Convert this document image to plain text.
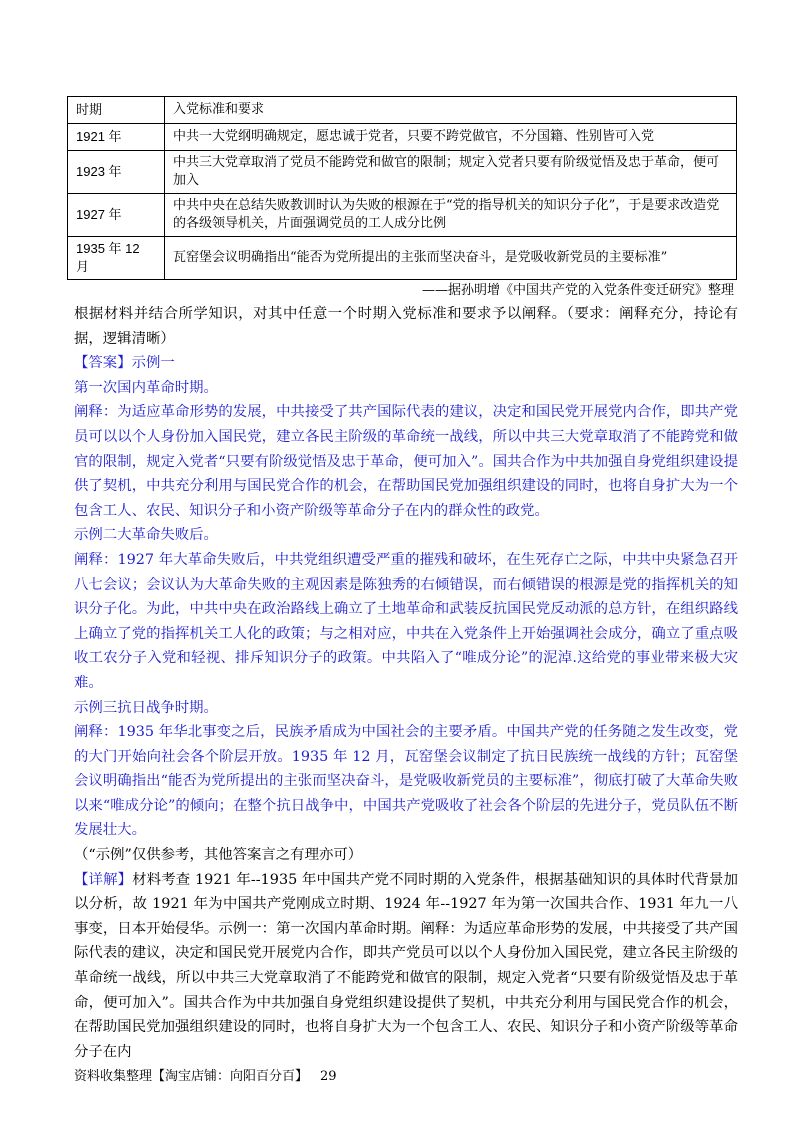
时期	入党标准和要求
1921 年	中共一大党纲明确规定，愿忠诚于党者，只要不跨党做官，不分国籍、性别皆可入党
1923 年	中共三大党章取消了党员不能跨党和做官的限制；规定入党者只要有阶级觉悟及忠于革命，便可加入
1927 年	中共中央在总结失败教训时认为失败的根源在于“党的指导机关的知识分子化”，于是要求改造党的各级领导机关，片面强调党员的工人成分比例
1935 年 12 月	瓦窑堡会议明确指出“能否为党所提出的主张而坚决奋斗，是党吸收新党员的主要标准”
——据孙明增《中国共产党的入党条件变迁研究》整理

根据材料并结合所学知识，对其中任意一个时期入党标准和要求予以阐释。（要求：阐释充分，持论有据，逻辑清晰）

【答案】示例一

第一次国内革命时期。

阐释：为适应革命形势的发展，中共接受了共产国际代表的建议，决定和国民党开展党内合作，即共产党员可以以个人身份加入国民党，建立各民主阶级的革命统一战线，所以中共三大党章取消了不能跨党和做官的限制，规定入党者“只要有阶级觉悟及忠于革命，便可加入”。国共合作为中共加强自身党组织建设提供了契机，中共充分利用与国民党合作的机会，在帮助国民党加强组织建设的同时，也将自身扩大为一个包含工人、农民、知识分子和小资产阶级等革命分子在内的群众性的政党。

示例二大革命失败后。

阐释：1927 年大革命失败后，中共党组织遭受严重的摧残和破坏，在生死存亡之际，中共中央紧急召开八七会议；会议认为大革命失败的主观因素是陈独秀的右倾错误，而右倾错误的根源是党的指挥机关的知识分子化。为此，中共中央在政治路线上确立了土地革命和武装反抗国民党反动派的总方针，在组织路线上确立了党的指挥机关工人化的政策；与之相对应，中共在入党条件上开始强调社会成分，确立了重点吸收工农分子入党和轻视、排斥知识分子的政策。中共陷入了“唯成分论”的泥淖.这给党的事业带来极大灾难。

示例三抗日战争时期。

阐释：1935 年华北事变之后，民族矛盾成为中国社会的主要矛盾。中国共产党的任务随之发生改变，党的大门开始向社会各个阶层开放。1935 年 12 月，瓦窑堡会议制定了抗日民族统一战线的方针；瓦窑堡会议明确指出“能否为党所提出的主张而坚决奋斗，是党吸收新党员的主要标准”，彻底打破了大革命失败以来“唯成分论”的倾向；在整个抗日战争中，中国共产党吸收了社会各个阶层的先进分子，党员队伍不断发展壮大。

（“示例”仅供参考，其他答案言之有理亦可）

【详解】材料考查 1921 年--1935 年中国共产党不同时期的入党条件，根据基础知识的具体时代背景加以分析，故 1921 年为中国共产党刚成立时期、1924 年--1927 年为第一次国共合作、1931 年九一八事变，日本开始侵华。示例一：第一次国内革命时期。阐释：为适应革命形势的发展，中共接受了共产国际代表的建议，决定和国民党开展党内合作，即共产党员可以以个人身份加入国民党，建立各民主阶级的革命统一战线，所以中共三大党章取消了不能跨党和做官的限制，规定入党者“只要有阶级觉悟及忠于革命，便可加入”。国共合作为中共加强自身党组织建设提供了契机，中共充分利用与国民党合作的机会，在帮助国民党加强组织建设的同时，也将自身扩大为一个包含工人、农民、知识分子和小资产阶级等革命分子在内

资料收集整理【淘宝店铺：向阳百分百】 29
